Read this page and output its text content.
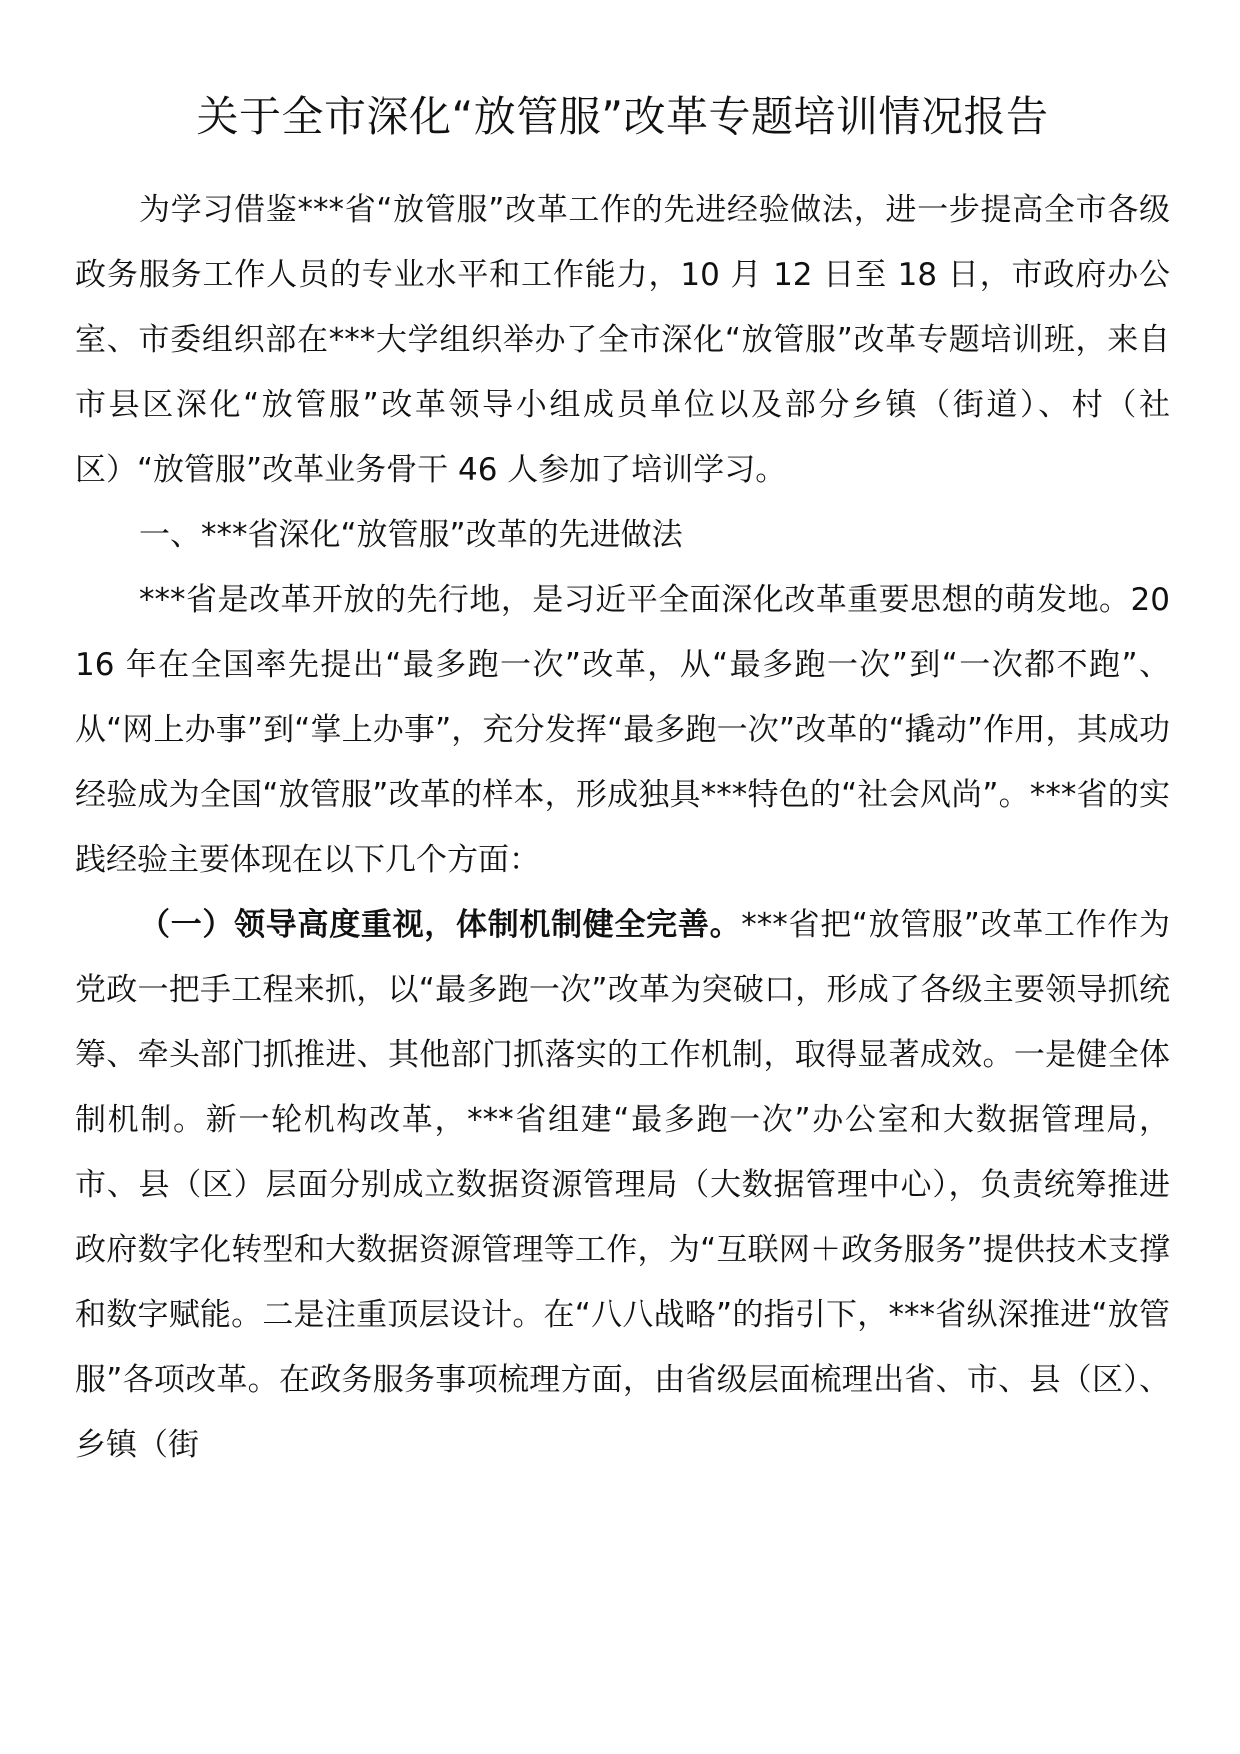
关于全市深化“放管服”改革专题培训情况报告

为学习借鉴***省“放管服”改革工作的先进经验做法，进一步提高全市各级政务服务工作人员的专业水平和工作能力，10 月 12 日至 18 日，市政府办公室、市委组织部在***大学组织举办了全市深化“放管服”改革专题培训班，来自市县区深化“放管服”改革领导小组成员单位以及部分乡镇（街道）、村（社区）“放管服”改革业务骨干 46 人参加了培训学习。

一、***省深化“放管服”改革的先进做法

***省是改革开放的先行地，是习近平全面深化改革重要思想的萌发地。2016 年在全国率先提出“最多跑一次”改革，从“最多跑一次”到“一次都不跑”、从“网上办事”到“掌上办事”，充分发挥“最多跑一次”改革的“撬动”作用，其成功经验成为全国“放管服”改革的样本，形成独具***特色的“社会风尚”。***省的实践经验主要体现在以下几个方面：

（一）领导高度重视，体制机制健全完善。***省把“放管服”改革工作作为党政一把手工程来抓，以“最多跑一次”改革为突破口，形成了各级主要领导抓统筹、牵头部门抓推进、其他部门抓落实的工作机制，取得显著成效。一是健全体制机制。新一轮机构改革，***省组建“最多跑一次”办公室和大数据管理局，市、县（区）层面分别成立数据资源管理局（大数据管理中心），负责统筹推进政府数字化转型和大数据资源管理等工作，为“互联网＋政务服务”提供技术支撑和数字赋能。二是注重顶层设计。在“八八战略”的指引下，***省纵深推进“放管服”各项改革。在政务服务事项梳理方面，由省级层面梳理出省、市、县（区）、乡镇（街
